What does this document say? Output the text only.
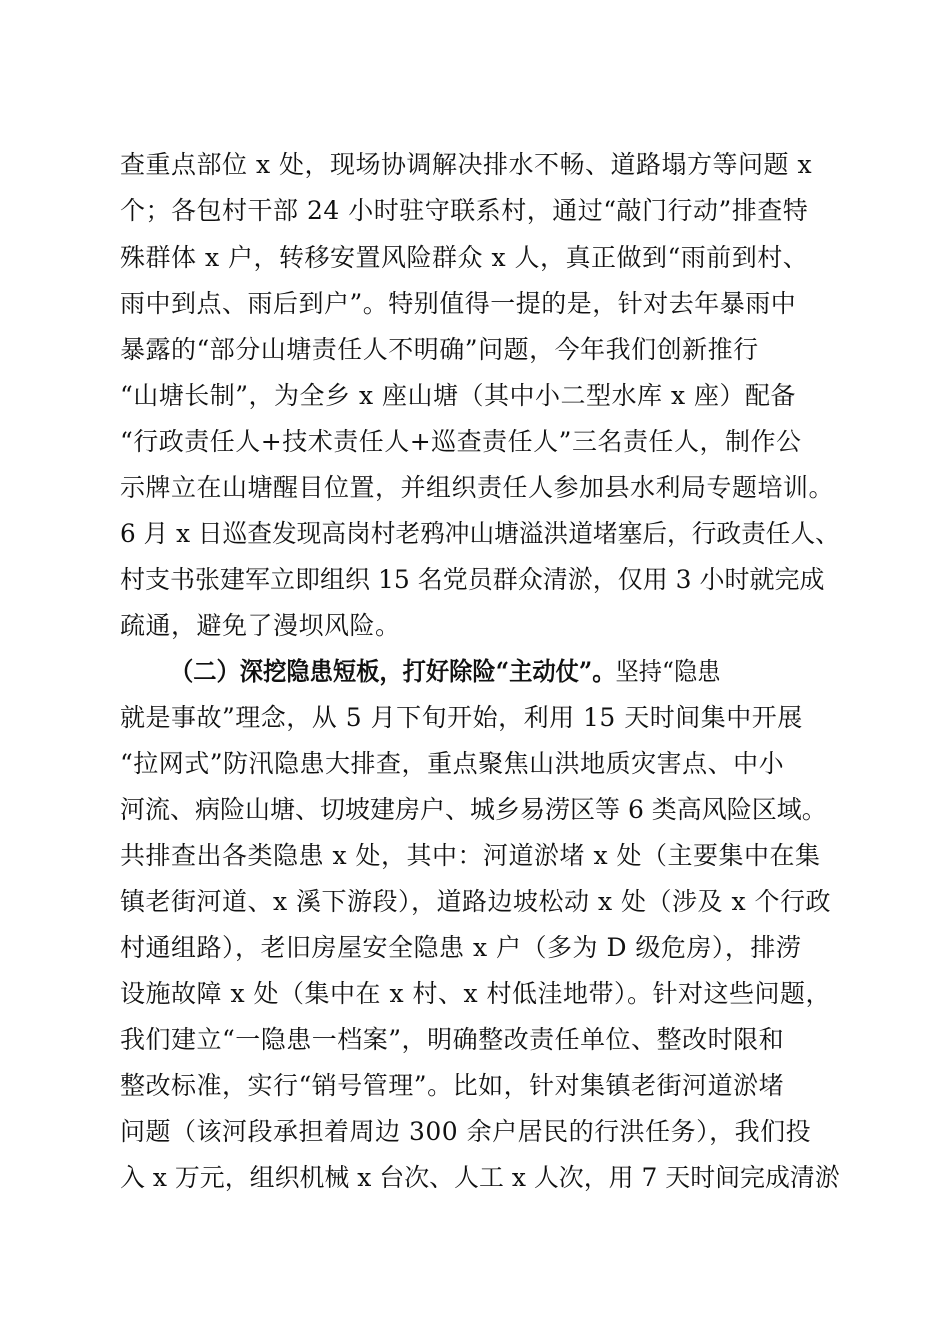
查重点部位 x 处，现场协调解决排水不畅、道路塌方等问题 x
个；各包村干部 24 小时驻守联系村，通过“敲门行动”排查特
殊群体 x 户，转移安置风险群众 x 人，真正做到“雨前到村、
雨中到点、雨后到户”。特别值得一提的是，针对去年暴雨中
暴露的“部分山塘责任人不明确”问题，今年我们创新推行
“山塘长制”，为全乡 x 座山塘（其中小二型水库 x 座）配备
“行政责任人+技术责任人+巡查责任人”三名责任人，制作公
示牌立在山塘醒目位置，并组织责任人参加县水利局专题培训。
6 月 x 日巡查发现高岗村老鸦冲山塘溢洪道堵塞后，行政责任人、
村支书张建军立即组织 15 名党员群众清淤，仅用 3 小时就完成
疏通，避免了漫坝风险。
（二）深挖隐患短板，打好除险“主动仗”。坚持“隐患
就是事故”理念，从 5 月下旬开始，利用 15 天时间集中开展
“拉网式”防汛隐患大排查，重点聚焦山洪地质灾害点、中小
河流、病险山塘、切坡建房户、城乡易涝区等 6 类高风险区域。
共排查出各类隐患 x 处，其中：河道淤堵 x 处（主要集中在集
镇老街河道、x 溪下游段），道路边坡松动 x 处（涉及 x 个行政
村通组路），老旧房屋安全隐患 x 户（多为 D 级危房），排涝
设施故障 x 处（集中在 x 村、x 村低洼地带）。针对这些问题，
我们建立“一隐患一档案”，明确整改责任单位、整改时限和
整改标准，实行“销号管理”。比如，针对集镇老街河道淤堵
问题（该河段承担着周边 300 余户居民的行洪任务），我们投
入 x 万元，组织机械 x 台次、人工 x 人次，用 7 天时间完成清淤
